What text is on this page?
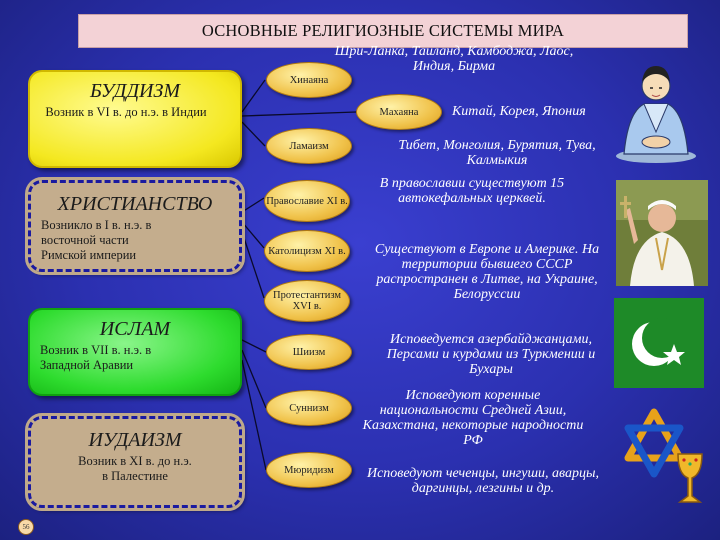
ОСНОВНЫЕ РЕЛИГИОЗНЫЕ СИСТЕМЫ МИРА
БУДДИЗМ
Возник в VI в. до н.э. в Индии
ХРИСТИАНСТВО
Возникло в I в. н.э. в восточной части Римской империи
ИСЛАМ
Возник в VII в. н.э. в Западной Аравии
ИУДАИЗМ
Возник в XI в. до н.э. в Палестине
Хинаяна
Махаяна
Ламаизм
Православие XI в.
Католицизм XI в.
Протестантизм XVI в.
Шиизм
Суннизм
Мюридизм
Шри-Ланка, Таиланд, Камбоджа, Лаос, Индия, Бирма
Китай, Корея, Япония
Тибет, Монголия, Бурятия, Тува, Калмыкия
В православии существуют 15 автокефальных церквей.
Существуют в Европе и Америке. На территории бывшего СССР распространен в Литве, на Украине, Белоруссии
Исповедуется азербайджанцами, Персами и курдами из Туркмении и Бухары
Исповедуют коренные национальности Средней Азии, Казахстана, некоторые народности РФ
Исповедуют чеченцы, ингуши, аварцы, даргинцы, лезгины и др.
56
